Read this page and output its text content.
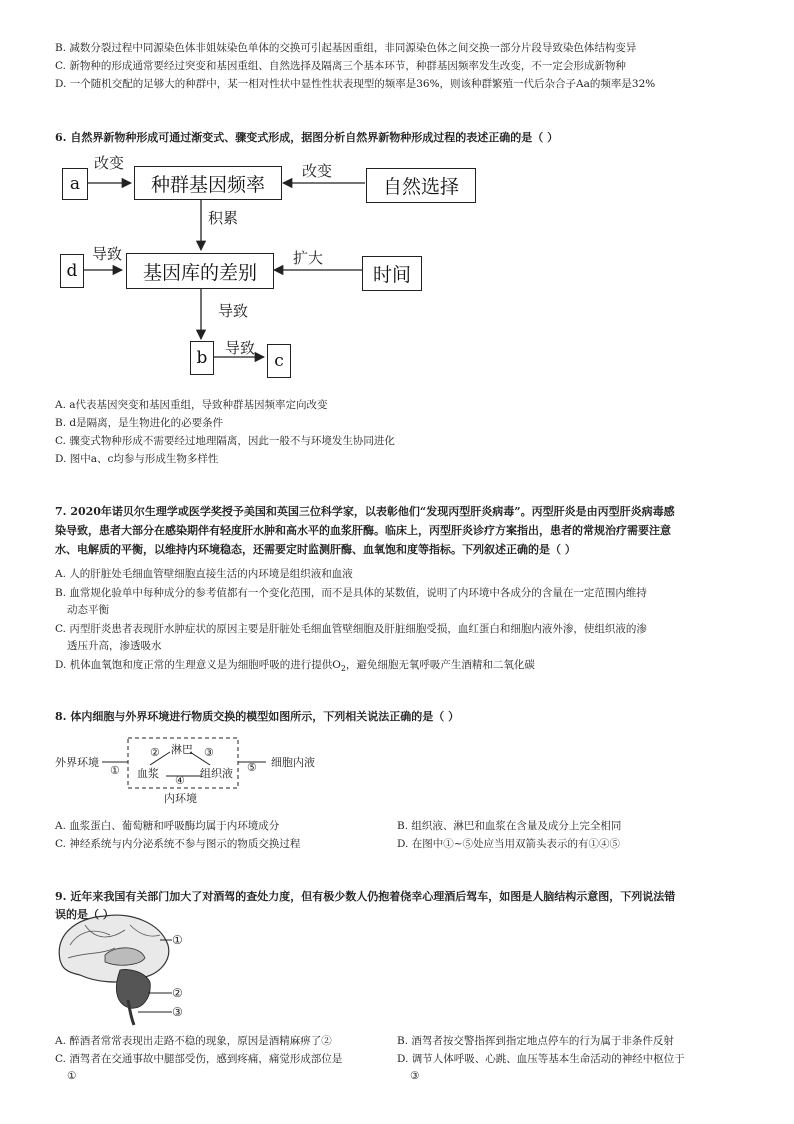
B. 减数分裂过程中同源染色体非姐妹染色单体的交换可引起基因重组，非同源染色体之间交换一部分片段导致染色体结构变异
C. 新物种的形成通常要经过突变和基因重组、自然选择及隔离三个基本环节，种群基因频率发生改变，不一定会形成新物种
D. 一个随机交配的足够大的种群中，某一相对性状中显性性状表现型的频率是36%，则该种群繁殖一代后杂合子Aa的频率是32%
6. 自然界新物种形成可通过渐变式、骤变式形成，据图分析自然界新物种形成过程的表述正确的是（ ）
a	种群基因频率	自然选择
d	基因库的差别	时间
b	c
改变	改变
积累
导致	扩大
导致
导致
A. a代表基因突变和基因重组，导致种群基因频率定向改变
B. d是隔离，是生物进化的必要条件
C. 骤变式物种形成不需要经过地理隔离，因此一般不与环境发生协同进化
D. 图中a、c均参与形成生物多样性
7. 2020年诺贝尔生理学或医学奖授予美国和英国三位科学家，以表彰他们“发现丙型肝炎病毒”。丙型肝炎是由丙型肝炎病毒感
染导致，患者大部分在感染期伴有轻度肝水肿和高水平的血浆肝酶。临床上，丙型肝炎诊疗方案指出，患者的常规治疗需要注意
水、电解质的平衡，以维持内环境稳态，还需要定时监测肝酶、血氧饱和度等指标。下列叙述正确的是（ ）
A. 人的肝脏处毛细血管壁细胞直接生活的内环境是组织液和血液
B. 血常规化验单中每种成分的参考值都有一个变化范围，而不是具体的某数值，说明了内环境中各成分的含量在一定范围内维持
动态平衡
C. 丙型肝炎患者表现肝水肿症状的原因主要是肝脏处毛细血管壁细胞及肝脏细胞受损，血红蛋白和细胞内液外渗，使组织液的渗
透压升高，渗透吸水
D. 机体血氧饱和度正常的生理意义是为细胞呼吸的进行提供$O_2$，避免细胞无氧呼吸产生酒精和二氧化碳
8. 体内细胞与外界环境进行物质交换的模型如图所示，下列相关说法正确的是（ ）
外界环境
①
② 淋巴 ③
血浆
④
组织液 ⑤ 细胞内液
内环境
A. 血浆蛋白、葡萄糖和呼吸酶均属于内环境成分	B. 组织液、淋巴和血浆在含量及成分上完全相同
C. 神经系统与内分泌系统不参与图示的物质交换过程	D. 在图中①~⑤处应当用双箭头表示的有①④⑤
9. 近年来我国有关部门加大了对酒驾的查处力度，但有极少数人仍抱着侥幸心理酒后驾车，如图是人脑结构示意图，下列说法错
误的是（ ）
①
②
③
A. 醉酒者常常表现出走路不稳的现象，原因是酒精麻痹了②	B. 酒驾者按交警指挥到指定地点停车的行为属于非条件反射
C. 酒驾者在交通事故中腿部受伤，感到疼痛，痛觉形成部位是
①
D. 调节人体呼吸、心跳、血压等基本生命活动的神经中枢位于
③
